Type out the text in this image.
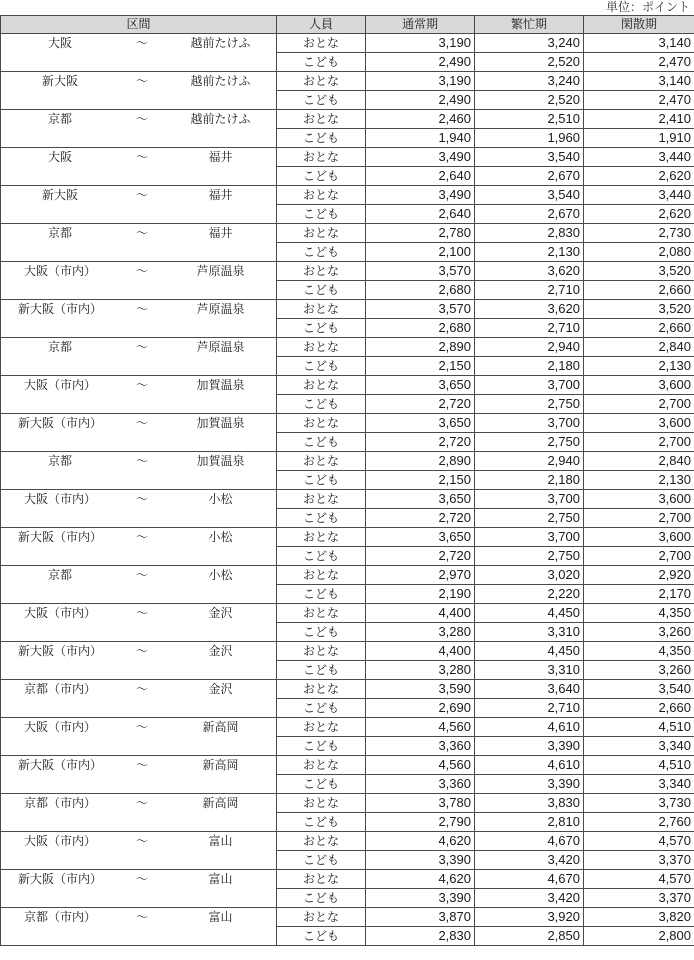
単位：ポイント
区間	人員	通常期	繁忙期	閑散期

大阪 ～ 越前たけふ	おとな	3,190	3,240	3,140
	こども	2,490	2,520	2,470

新大阪 ～ 越前たけふ	おとな	3,190	3,240	3,140
	こども	2,490	2,520	2,470

京都 ～ 越前たけふ	おとな	2,460	2,510	2,410
	こども	1,940	1,960	1,910

大阪 ～ 福井	おとな	3,490	3,540	3,440
	こども	2,640	2,670	2,620

新大阪 ～ 福井	おとな	3,490	3,540	3,440
	こども	2,640	2,670	2,620

京都 ～ 福井	おとな	2,780	2,830	2,730
	こども	2,100	2,130	2,080

大阪（市内） ～ 芦原温泉	おとな	3,570	3,620	3,520
	こども	2,680	2,710	2,660

新大阪（市内） ～ 芦原温泉	おとな	3,570	3,620	3,520
	こども	2,680	2,710	2,660

京都 ～ 芦原温泉	おとな	2,890	2,940	2,840
	こども	2,150	2,180	2,130

大阪（市内） ～ 加賀温泉	おとな	3,650	3,700	3,600
	こども	2,720	2,750	2,700

新大阪（市内） ～ 加賀温泉	おとな	3,650	3,700	3,600
	こども	2,720	2,750	2,700

京都 ～ 加賀温泉	おとな	2,890	2,940	2,840
	こども	2,150	2,180	2,130

大阪（市内） ～ 小松	おとな	3,650	3,700	3,600
	こども	2,720	2,750	2,700

新大阪（市内） ～ 小松	おとな	3,650	3,700	3,600
	こども	2,720	2,750	2,700

京都 ～ 小松	おとな	2,970	3,020	2,920
	こども	2,190	2,220	2,170

大阪（市内） ～ 金沢	おとな	4,400	4,450	4,350
	こども	3,280	3,310	3,260

新大阪（市内） ～ 金沢	おとな	4,400	4,450	4,350
	こども	3,280	3,310	3,260

京都（市内） ～ 金沢	おとな	3,590	3,640	3,540
	こども	2,690	2,710	2,660

大阪（市内） ～ 新高岡	おとな	4,560	4,610	4,510
	こども	3,360	3,390	3,340

新大阪（市内） ～ 新高岡	おとな	4,560	4,610	4,510
	こども	3,360	3,390	3,340

京都（市内） ～ 新高岡	おとな	3,780	3,830	3,730
	こども	2,790	2,810	2,760

大阪（市内） ～ 富山	おとな	4,620	4,670	4,570
	こども	3,390	3,420	3,370

新大阪（市内） ～ 富山	おとな	4,620	4,670	4,570
	こども	3,390	3,420	3,370

京都（市内） ～ 富山	おとな	3,870	3,920	3,820
	こども	2,830	2,850	2,800
